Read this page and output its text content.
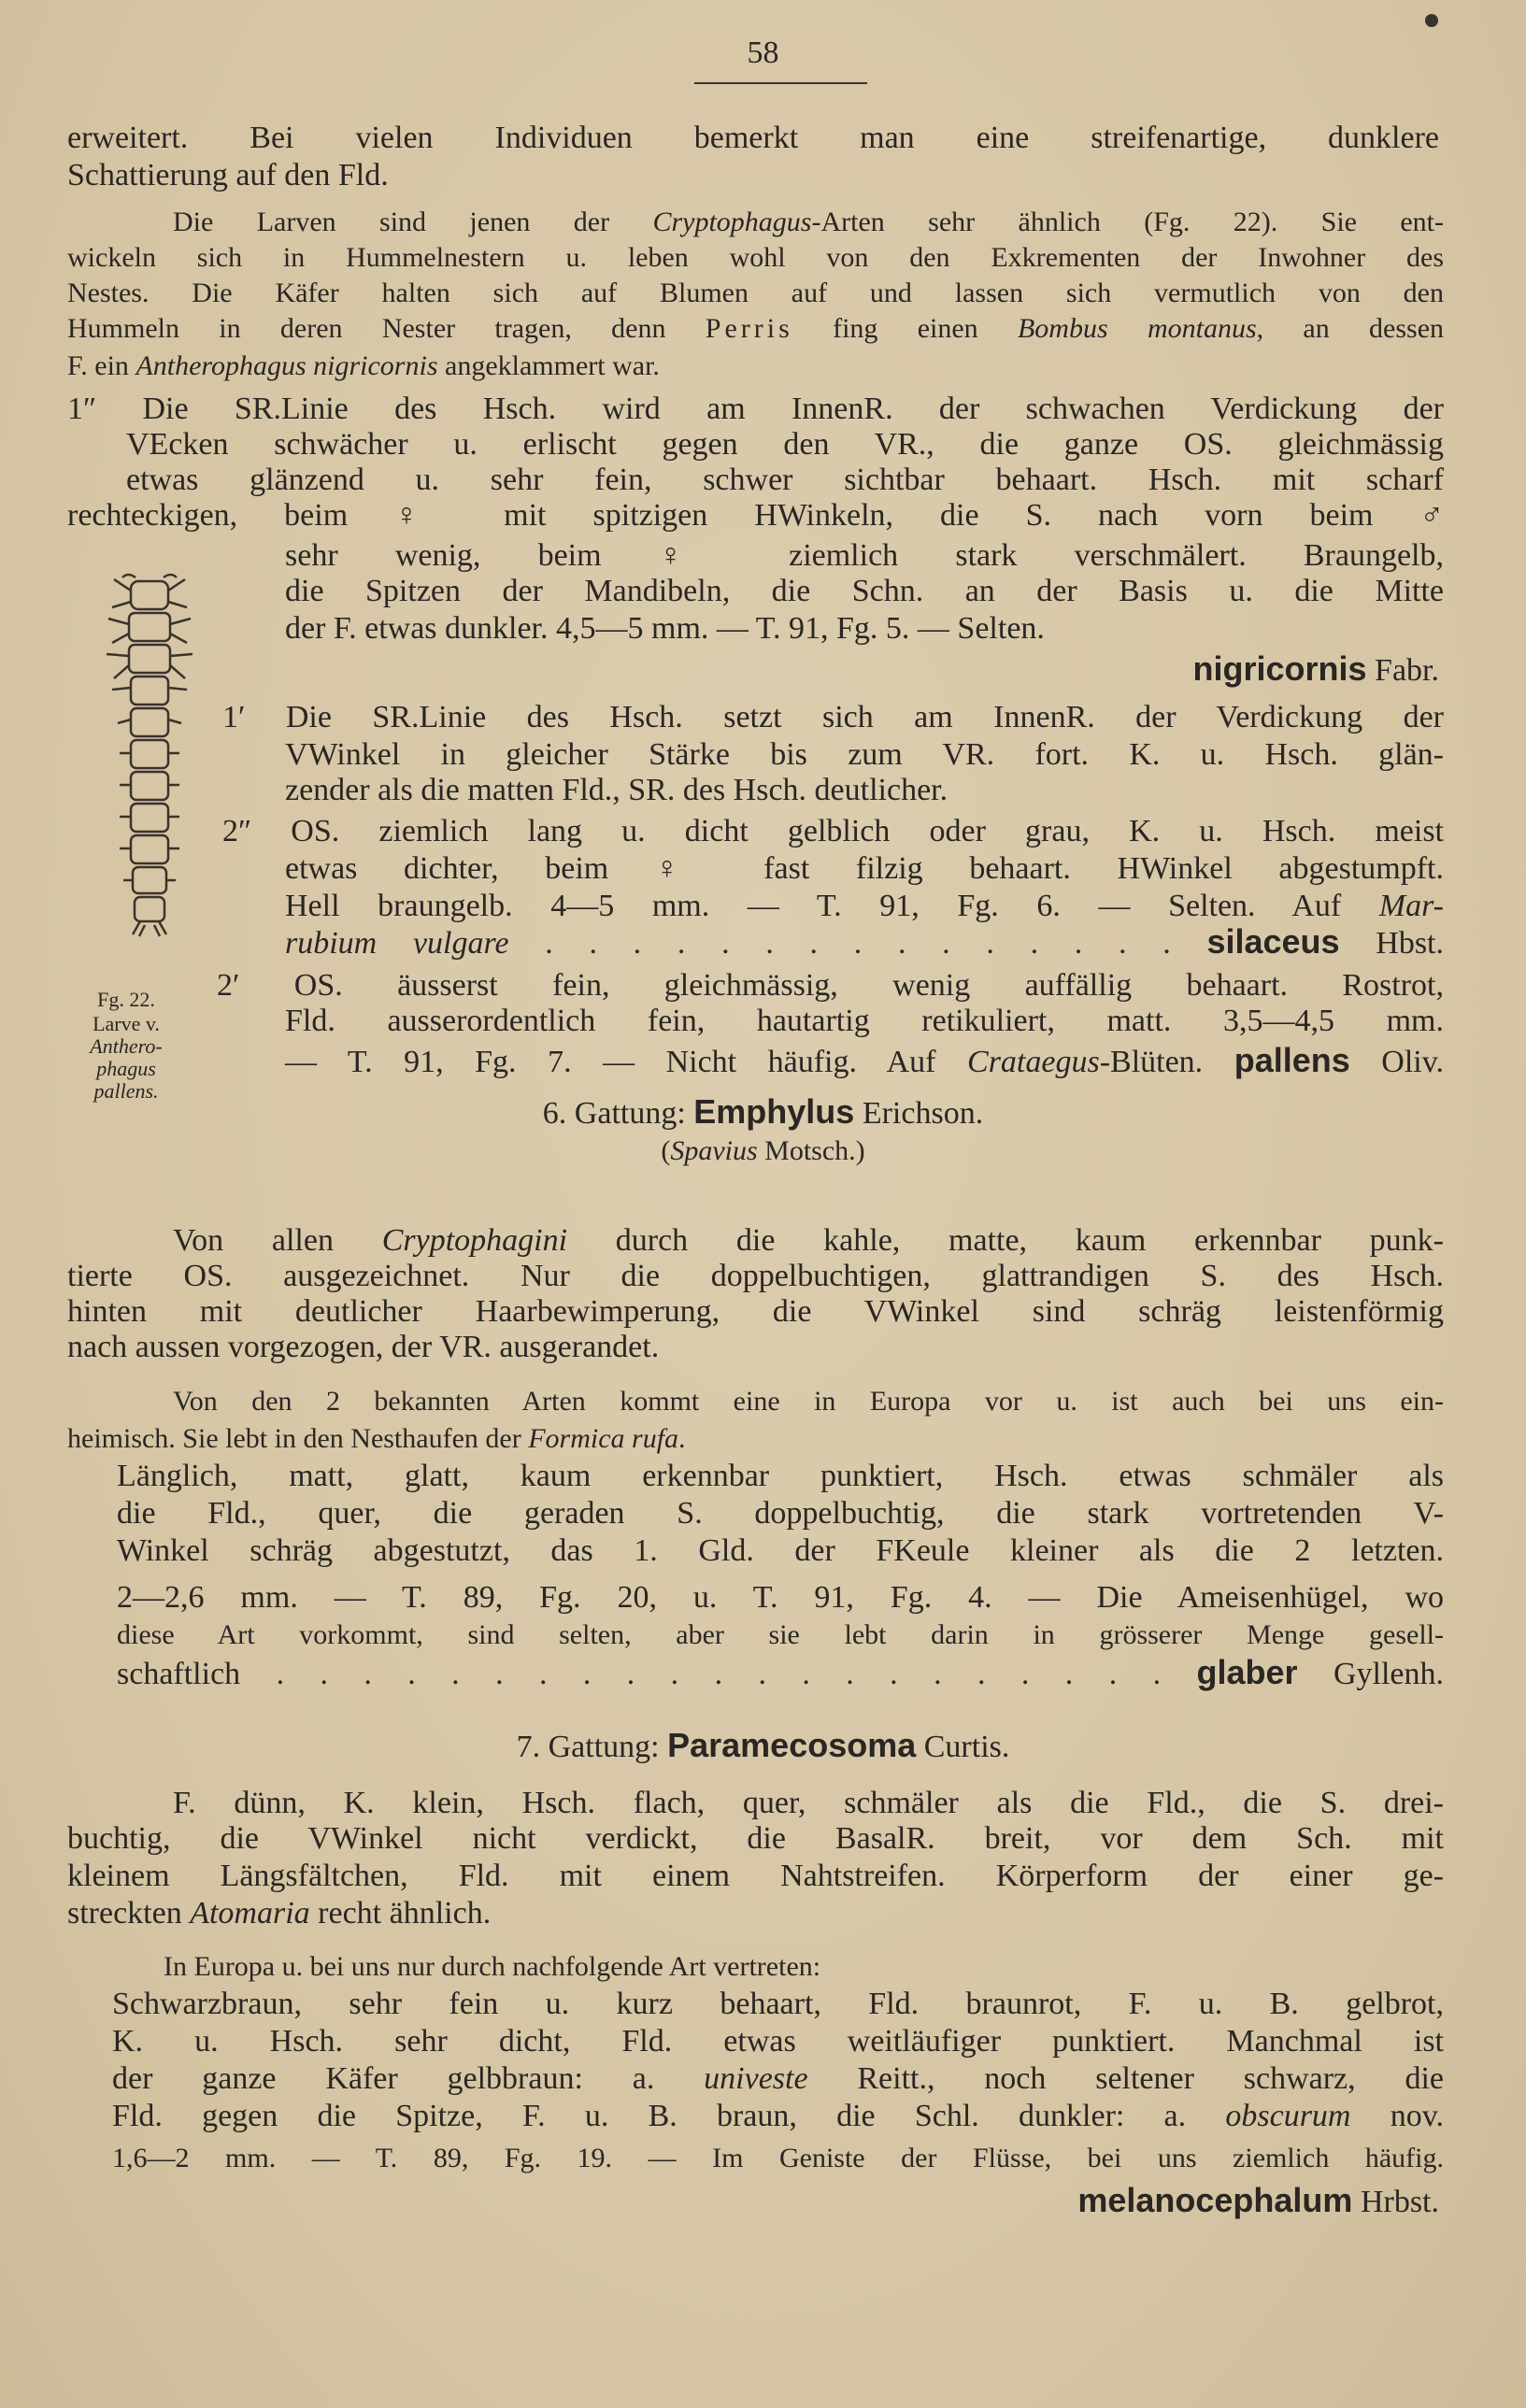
58
erweitert. Bei vielen Individuen bemerkt man eine streifenartige, dunklere
Schattierung auf den Fld.
Die Larven sind jenen der Cryptophagus-Arten sehr ähnlich (Fg. 22). Sie ent-
wickeln sich in Hummelnestern u. leben wohl von den Exkrementen der Inwohner des
Nestes. Die Käfer halten sich auf Blumen auf und lassen sich vermutlich von den
Hummeln in deren Nester tragen, denn Perris fing einen Bombus montanus, an dessen
F. ein Antherophagus nigricornis angeklammert war.
1″ Die SR.Linie des Hsch. wird am InnenR. der schwachen Verdickung der
VEcken schwächer u. erlischt gegen den VR., die ganze OS. gleichmässig
etwas glänzend u. sehr fein, schwer sichtbar behaart. Hsch. mit scharf
rechteckigen, beim ♀ mit spitzigen HWinkeln, die S. nach vorn beim ♂
sehr wenig, beim ♀ ziemlich stark verschmälert. Braungelb,
die Spitzen der Mandibeln, die Schn. an der Basis u. die Mitte
der F. etwas dunkler. 4,5—5 mm. — T. 91, Fg. 5. — Selten.
nigricornis Fabr.
1′ Die SR.Linie des Hsch. setzt sich am InnenR. der Verdickung der
VWinkel in gleicher Stärke bis zum VR. fort. K. u. Hsch. glän-
zender als die matten Fld., SR. des Hsch. deutlicher.
2″ OS. ziemlich lang u. dicht gelblich oder grau, K. u. Hsch. meist
etwas dichter, beim ♀ fast filzig behaart. HWinkel abgestumpft.
Hell braungelb. 4—5 mm. — T. 91, Fg. 6. — Selten. Auf Mar-
rubium vulgare . . . . . . . . . . . . . . . silaceus Hbst.
2′ OS. äusserst fein, gleichmässig, wenig auffällig behaart. Rostrot,
Fld. ausserordentlich fein, hautartig retikuliert, matt. 3,5—4,5 mm.
— T. 91, Fg. 7. — Nicht häufig. Auf Crataegus-Blüten. pallens Oliv.
6. Gattung: Emphylus Erichson.
(Spavius Motsch.)
Von allen Cryptophagini durch die kahle, matte, kaum erkennbar punk-
tierte OS. ausgezeichnet. Nur die doppelbuchtigen, glattrandigen S. des Hsch.
hinten mit deutlicher Haarbewimperung, die VWinkel sind schräg leistenförmig
nach aussen vorgezogen, der VR. ausgerandet.
Von den 2 bekannten Arten kommt eine in Europa vor u. ist auch bei uns ein-
heimisch. Sie lebt in den Nesthaufen der Formica rufa.
Länglich, matt, glatt, kaum erkennbar punktiert, Hsch. etwas schmäler als
die Fld., quer, die geraden S. doppelbuchtig, die stark vortretenden V-
Winkel schräg abgestutzt, das 1. Gld. der FKeule kleiner als die 2 letzten.
2—2,6 mm. — T. 89, Fg. 20, u. T. 91, Fg. 4. — Die Ameisenhügel, wo
diese Art vorkommt, sind selten, aber sie lebt darin in grösserer Menge gesell-
schaftlich . . . . . . . . . . . . . . . . . . . . . glaber Gyllenh.
7. Gattung: Paramecosoma Curtis.
F. dünn, K. klein, Hsch. flach, quer, schmäler als die Fld., die S. drei-
buchtig, die VWinkel nicht verdickt, die BasalR. breit, vor dem Sch. mit
kleinem Längsfältchen, Fld. mit einem Nahtstreifen. Körperform der einer ge-
streckten Atomaria recht ähnlich.
In Europa u. bei uns nur durch nachfolgende Art vertreten:
Schwarzbraun, sehr fein u. kurz behaart, Fld. braunrot, F. u. B. gelbrot,
K. u. Hsch. sehr dicht, Fld. etwas weitläufiger punktiert. Manchmal ist
der ganze Käfer gelbbraun: a. univeste Reitt., noch seltener schwarz, die
Fld. gegen die Spitze, F. u. B. braun, die Schl. dunkler: a. obscurum nov.
1,6—2 mm. — T. 89, Fg. 19. — Im Geniste der Flüsse, bei uns ziemlich häufig.
melanocephalum Hrbst.
Fg. 22.
Larve v.
Anthero-
phagus
pallens.
